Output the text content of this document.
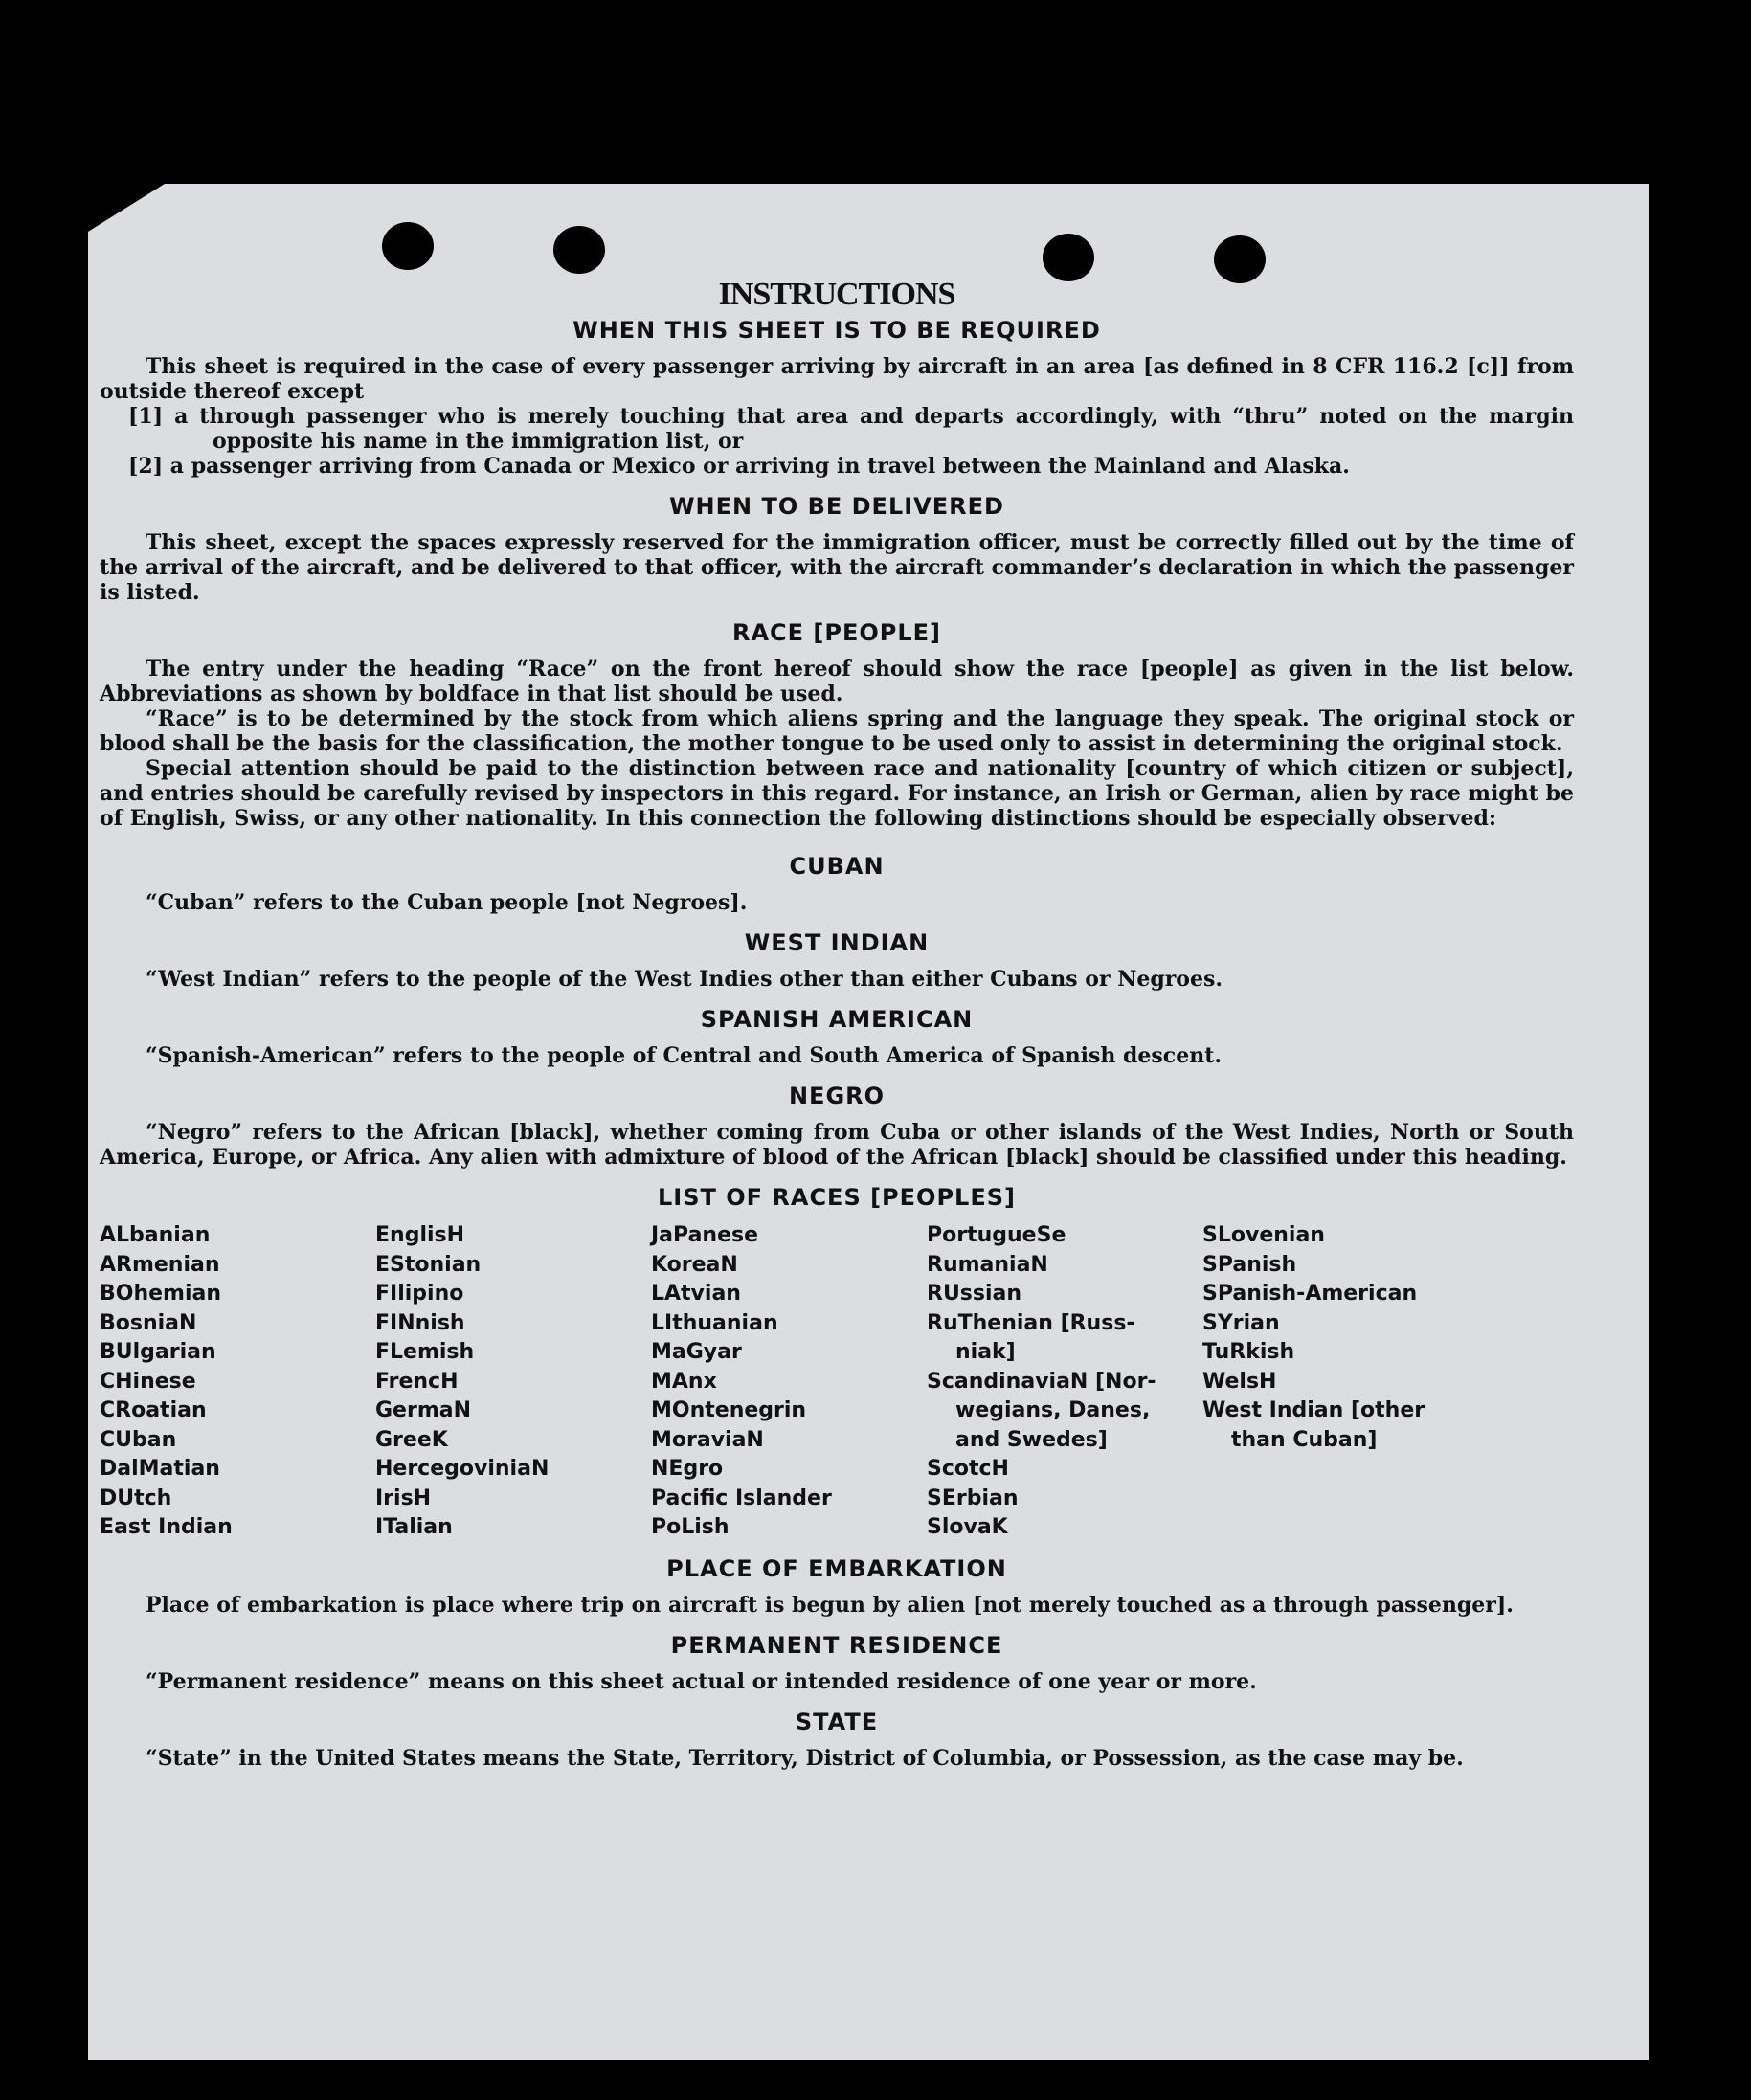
INSTRUCTIONS
WHEN THIS SHEET IS TO BE REQUIRED

This sheet is required in the case of every passenger arriving by aircraft in an area [as defined in 8 CFR 116.2 [c]] from outside thereof except

[1] a through passenger who is merely touching that area and departs accordingly, with “thru” noted on the margin opposite his name in the immigration list, or

[2] a passenger arriving from Canada or Mexico or arriving in travel between the Mainland and Alaska.

WHEN TO BE DELIVERED

This sheet, except the spaces expressly reserved for the immigration officer, must be correctly filled out by the time of the arrival of the aircraft, and be delivered to that officer, with the aircraft commander’s declaration in which the passenger is listed.

RACE [PEOPLE]

The entry under the heading “Race” on the front hereof should show the race [people] as given in the list below. Abbreviations as shown by boldface in that list should be used.

“Race” is to be determined by the stock from which aliens spring and the language they speak. The original stock or blood shall be the basis for the classification, the mother tongue to be used only to assist in determining the original stock.

Special attention should be paid to the distinction between race and nationality [country of which citizen or subject], and entries should be carefully revised by inspectors in this regard. For instance, an Irish or German, alien by race might be of English, Swiss, or any other nationality. In this connection the following distinctions should be especially observed:

CUBAN

“Cuban” refers to the Cuban people [not Negroes].

WEST INDIAN

“West Indian” refers to the people of the West Indies other than either Cubans or Negroes.

SPANISH AMERICAN

“Spanish-American” refers to the people of Central and South America of Spanish descent.

NEGRO

“Negro” refers to the African [black], whether coming from Cuba or other islands of the West Indies, North or South America, Europe, or Africa. Any alien with admixture of blood of the African [black] should be classified under this heading.

LIST OF RACES [PEOPLES]
ALbanian
ARmenian
BOhemian
BosniaN
BUlgarian
CHinese
CRoatian
CUban
DalMatian
DUtch
East Indian
EnglisH
EStonian
FIlipino
FINnish
FLemish
FrencH
GermaN
GreeK
HercegoviniaN
IrisH
ITalian
JaPanese
KoreaN
LAtvian
LIthuanian
MaGyar
MAnx
MOntenegrin
MoraviaN
NEgro
Pacific Islander
PoLish
PortugueSe
RumaniaN
RUssian
RuThenian [Russ-
niak]
ScandinaviaN [Nor-
wegians, Danes,
and Swedes]
ScotcH
SErbian
SlovaK
SLovenian
SPanish
SPanish-American
SYrian
TuRkish
WelsH
West Indian [other
than Cuban]
PLACE OF EMBARKATION

Place of embarkation is place where trip on aircraft is begun by alien [not merely touched as a through passenger].

PERMANENT RESIDENCE

“Permanent residence” means on this sheet actual or intended residence of one year or more.

STATE

“State” in the United States means the State, Territory, District of Columbia, or Possession, as the case may be.
